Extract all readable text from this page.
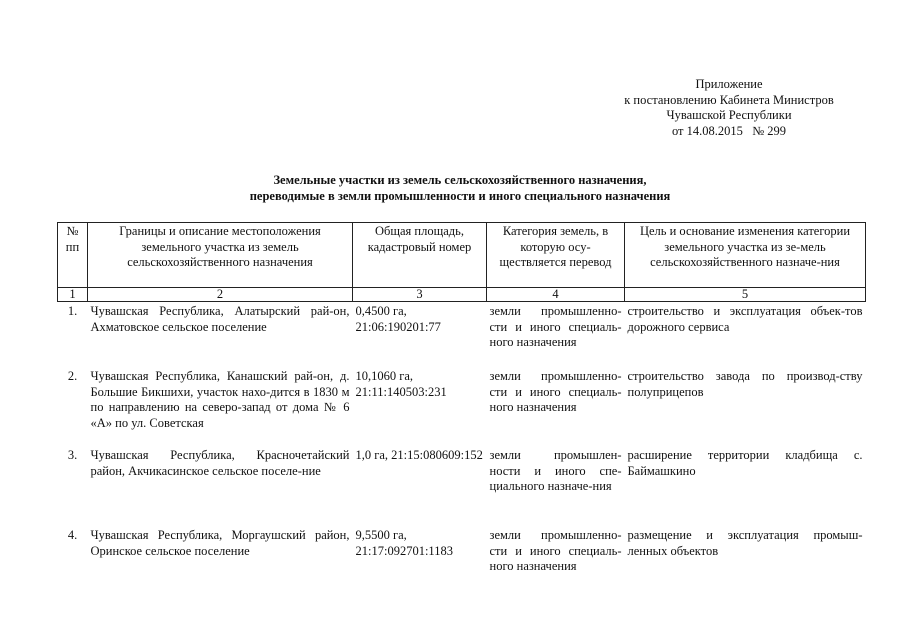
Приложение
к постановлению Кабинета Министров
Чувашской Республики
от 14.08.2015   № 299
Земельные участки из земель сельскохозяйственного назначения,
переводимые в земли промышленности и иного специального назначения
№ пп	Границы и описание местоположения земельного участка из земель сельскохозяйственного назначения	Общая площадь, кадастровый номер	Категория земель, в которую осу-ществляется перевод	Цель и основание изменения категории земельного участка из зе-мель сельскохозяйственного назначе-ния
1	2	3	4	5
1.	Чувашская Республика, Алатырский рай-он, Ахматовское сельское поселение	0,4500 га, 21:06:190201:77	земли промышленно-сти и иного специаль-ного назначения	строительство и эксплуатация объек-тов дорожного сервиса
2.	Чувашская Республика, Канашский рай-он, д. Большие Бикшихи, участок нахо-дится в 1830 м по направлению на северо-запад от дома № 6 «А» по ул. Советская	10,1060 га, 21:11:140503:231	земли промышленно-сти и иного специаль-ного назначения	строительство завода по производ-ству полуприцепов
3.	Чувашская Республика, Красночетайский район, Акчикасинское сельское поселе-ние	1,0 га, 21:15:080609:152	земли промышлен-ности и иного спе-циального назначе-ния	расширение территории кладбища с. Баймашкино
4.	Чувашская Республика, Моргаушский район, Оринское сельское поселение	9,5500 га, 21:17:092701:1183	земли промышленно-сти и иного специаль-ного назначения	размещение и эксплуатация промыш-ленных объектов
